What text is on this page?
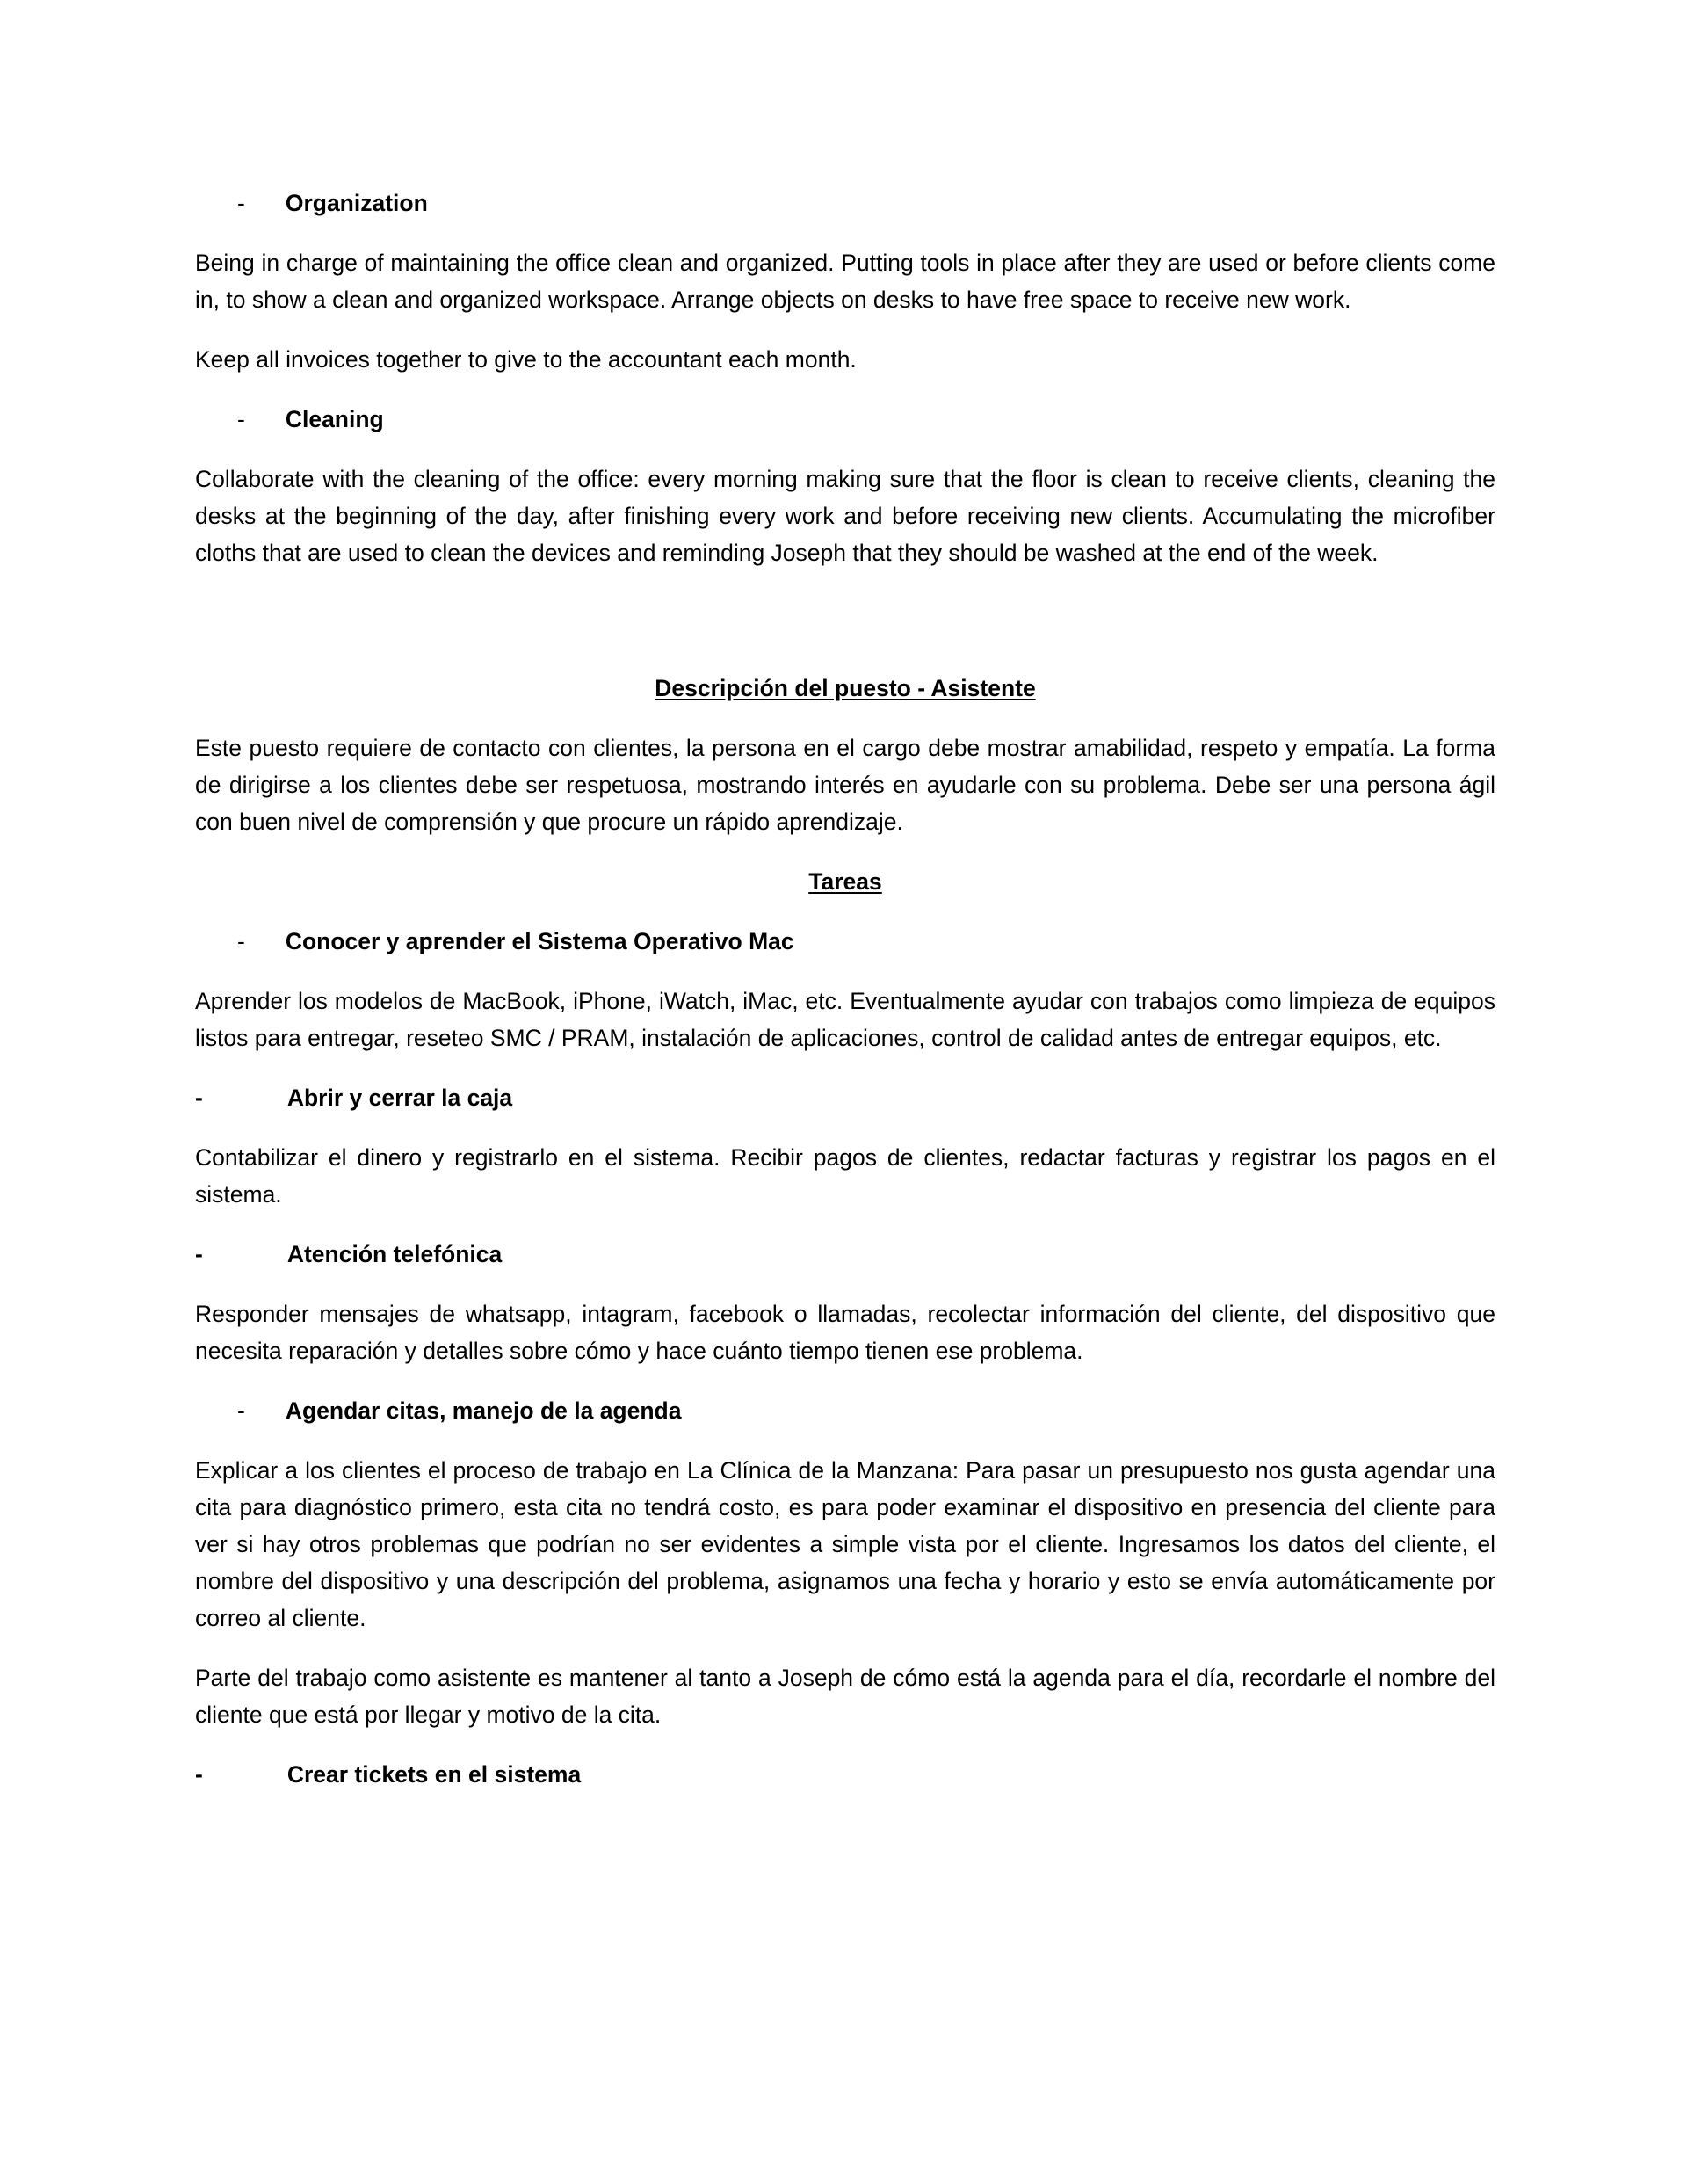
- Organization

Being in charge of maintaining the office clean and organized. Putting tools in place after they are used or before clients come in, to show a clean and organized workspace. Arrange objects on desks to have free space to receive new work.

Keep all invoices together to give to the accountant each month.

- Cleaning

Collaborate with the cleaning of the office: every morning making sure that the floor is clean to receive clients, cleaning the desks at the beginning of the day, after finishing every work and before receiving new clients. Accumulating the microfiber cloths that are used to clean the devices and reminding Joseph that they should be washed at the end of the week.

Descripción del puesto - Asistente

Este puesto requiere de contacto con clientes, la persona en el cargo debe mostrar amabilidad, respeto y empatía. La forma de dirigirse a los clientes debe ser respetuosa, mostrando interés en ayudarle con su problema. Debe ser una persona ágil con buen nivel de comprensión y que procure un rápido aprendizaje.

Tareas
- Conocer y aprender el Sistema Operativo Mac

Aprender los modelos de MacBook, iPhone, iWatch, iMac, etc. Eventualmente ayudar con trabajos como limpieza de equipos listos para entregar, reseteo SMC / PRAM, instalación de aplicaciones, control de calidad antes de entregar equipos, etc.

-	Abrir y cerrar la caja

Contabilizar el dinero y registrarlo en el sistema. Recibir pagos de clientes, redactar facturas y registrar los pagos en el sistema.

-	Atención telefónica

Responder mensajes de whatsapp, intagram, facebook o llamadas, recolectar información del cliente, del dispositivo que necesita reparación y detalles sobre cómo y hace cuánto tiempo tienen ese problema.

- Agendar citas, manejo de la agenda

Explicar a los clientes el proceso de trabajo en La Clínica de la Manzana: Para pasar un presupuesto nos gusta agendar una cita para diagnóstico primero, esta cita no tendrá costo, es para poder examinar el dispositivo en presencia del cliente para ver si hay otros problemas que podrían no ser evidentes a simple vista por el cliente. Ingresamos los datos del cliente, el nombre del dispositivo y una descripción del problema, asignamos una fecha y horario y esto se envía automáticamente por correo al cliente.

Parte del trabajo como asistente es mantener al tanto a Joseph de cómo está la agenda para el día, recordarle el nombre del cliente que está por llegar y motivo de la cita.

-	Crear tickets en el sistema
